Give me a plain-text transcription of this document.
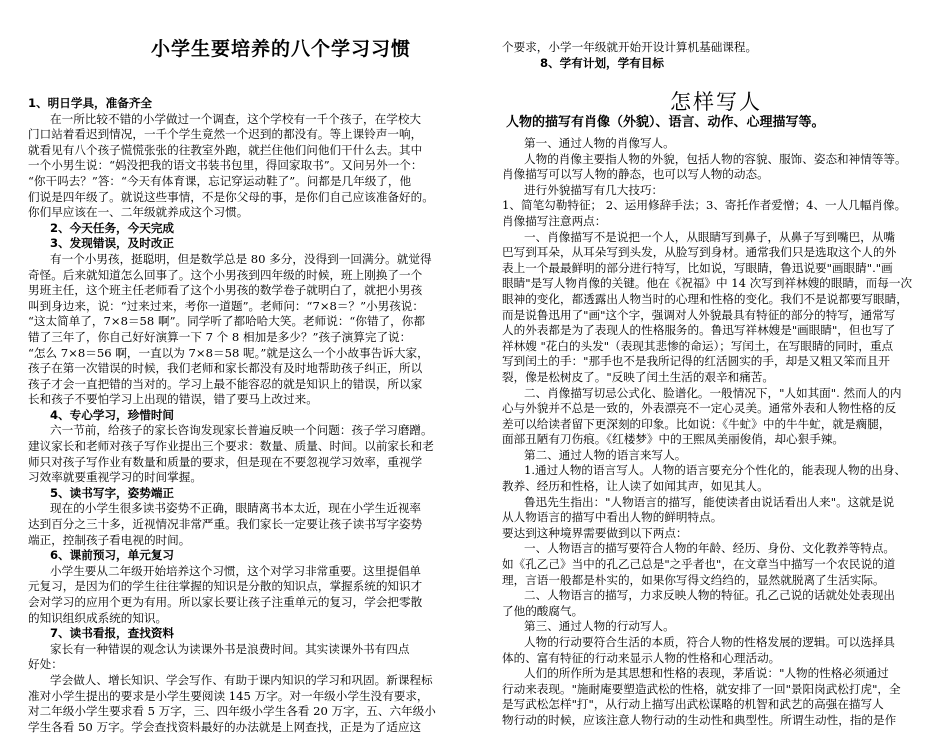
小学生要培养的八个学习习惯
1、明日学具，准备齐全
在一所比较不错的小学做过一个调查，这个学校有一千个孩子，在学校大
门口站着看迟到情况，一千个学生竟然一个迟到的都没有。等上课铃声一响，
就看见有八个孩子慌慌张张的往教室外跑，就拦住他们问他们干什么去。其中
一个小男生说：“妈没把我的语文书装书包里，得回家取书”。又问另外一个：
“你干吗去？”答：“今天有体育课，忘记穿运动鞋了”。问都是几年级了，他
们说是四年级了。就说这些事情，不是你父母的事，是你们自己应该准备好的。
你们早应该在一、二年级就养成这个习惯。
2、今天任务，今天完成
3、发现错误，及时改正
有一个小男孩，挺聪明，但是数学总是 80 多分，没得到一回满分。就觉得
奇怪。后来就知道怎么回事了。这个小男孩到四年级的时候，班上刚换了一个
男班主任，这个班主任老师看了这个小男孩的数学卷子就明白了，就把小男孩
叫到身边来，说：“过来过来，考你一道题”。老师问：“7×8＝？”小男孩说：
“这太简单了，7×8＝58 啊”。同学听了都哈哈大笑。老师说：“你错了，你都
错了三年了，你自己好好演算一下 7 个 8 相加是多少？”孩子演算完了说：
“怎么 7×8＝56 啊，一直以为 7×8＝58 呢。”就是这么一个小故事告诉大家，
孩子在第一次错误的时候，我们老师和家长都没有及时地帮助孩子纠正，所以
孩子才会一直把错的当对的。学习上最不能容忍的就是知识上的错误，所以家
长和孩子不要怕学习上出现的错误，错了要马上改过来。
4、专心学习，珍惜时间
六一节前，给孩子的家长咨询发现家长普遍反映一个问题：孩子学习磨蹭。
建议家长和老师对孩子写作业提出三个要求：数量、质量、时间。以前家长和老
师只对孩子写作业有数量和质量的要求，但是现在不要忽视学习效率，重视学
习效率就要重视学习的时间掌握。
5、读书写字，姿势端正
现在的小学生很多读书姿势不正确，眼睛离书本太近，现在小学生近视率
达到百分之三十多，近视情况非常严重。我们家长一定要让孩子读书写字姿势
端正，控制孩子看电视的时间。
6、课前预习，单元复习
小学生要从二年级开始培养这个习惯，这个对学习非常重要。这里提倡单
元复习，是因为们的学生往往掌握的知识是分散的知识点，掌握系统的知识才
会对学习的应用个更为有用。所以家长要让孩子注重单元的复习，学会把零散
的知识组织成系统的知识。
7、读书看报，查找资料
家长有一种错误的观念认为读课外书是浪费时间。其实读课外书有四点
好处：
学会做人、增长知识、学会写作、有助于课内知识的学习和巩固。新课程标
准对小学生提出的要求是小学生要阅读 145 万字。对一年级小学生没有要求，
对二年级小学生要求看 5 万字，三、四年级小学生各看 20 万字，五、六年级小
学生各看 50 万字。学会查找资料最好的办法就是上网查找，正是为了适应这
个要求，小学一年级就开始开设计算机基础课程。
8、学有计划，学有目标
怎样写人
人物的描写有肖像（外貌）、语言、动作、心理描写等。
第一、通过人物的肖像写人。
人物的肖像主要指人物的外貌，包括人物的容貌、服饰、姿态和神情等等。
肖像描写可以写人物的静态，也可以写人物的动态。
进行外貌描写有几大技巧：
1、简笔勾勒特征； 2、运用修辞手法；3、寄托作者爱憎；4、一人几幅肖像。
肖像描写注意两点：
一、肖像描写不是说把一个人，从眼睛写到鼻子，从鼻子写到嘴巴，从嘴
巴写到耳朵，从耳朵写到头发，从脸写到身材。通常我们只是选取这个人的外
表上一个最最鲜明的部分进行特写，比如说，写眼睛，鲁迅说要"画眼睛"."画
眼睛"是写人物肖像的关键。他在《祝福》中 14 次写到祥林嫂的眼睛，而每一次
眼神的变化，都透露出人物当时的心理和性格的变化。我们不是说都要写眼睛，
而是说鲁迅用了"画"这个字，强调对人外貌最具有特征的部分的特写，通常写
人的外表都是为了表现人的性格服务的。鲁迅写祥林嫂是"画眼睛"，但也写了
祥林嫂 "花白的头发"（表现其悲惨的命运）；写闰土，在写眼睛的同时，重点
写到闰土的手："那手也不是我所记得的红活圆实的手，却是又粗又笨而且开
裂，像是松树皮了。"反映了闰土生活的艰辛和痛苦。
二、肖像描写切忌公式化、脸谱化。一般情况下，"人如其面". 然而人的内
心与外貌并不总是一致的，外表漂亮不一定心灵美。通常外表和人物性格的反
差可以给读者留下更深刻的印象。比如说：《牛虻》中的牛牛虻，就是瘸腿，
面部丑陋有刀伤痕。《红楼梦》中的王熙凤美丽俊俏，却心狠手辣。
第二、通过人物的语言来写人。
1.通过人物的语言写人。人物的语言要充分个性化的，能表现人物的出身、
教养、经历和性格，让人读了如闻其声，如见其人。
鲁迅先生指出："人物语言的描写，能使读者由说话看出人来"。这就是说
从人物语言的描写中看出人物的鲜明特点。
要达到这种境界需要做到以下两点：
一、人物语言的描写要符合人物的年龄、经历、身份、文化教养等特点。
如《孔乙己》当中的孔乙己总是"之乎者也"，在文章当中描写一个农民说的道
理，言语一般都是朴实的，如果你写得文绉绉的，显然就脱离了生活实际。
二、人物语言的描写，力求反映人物的特征。孔乙己说的话就处处表现出
了他的酸腐气。
第三、通过人物的行动写人。
人物的行动要符合生活的本质，符合人物的性格发展的逻辑。可以选择具
体的、富有特征的行动来显示人物的性格和心理活动。
人们的所作所为是其思想和性格的表现，茅盾说："人物的性格必须通过
行动来表现。"施耐庵要塑造武松的性格，就安排了一回"景阳岗武松打虎"，全
是写武松怎样"打"，从行动上描写出武松谋略的机智和武艺的高强在描写人
物行动的时候，应该注意人物行动的生动性和典型性。所谓生动性，指的是作
